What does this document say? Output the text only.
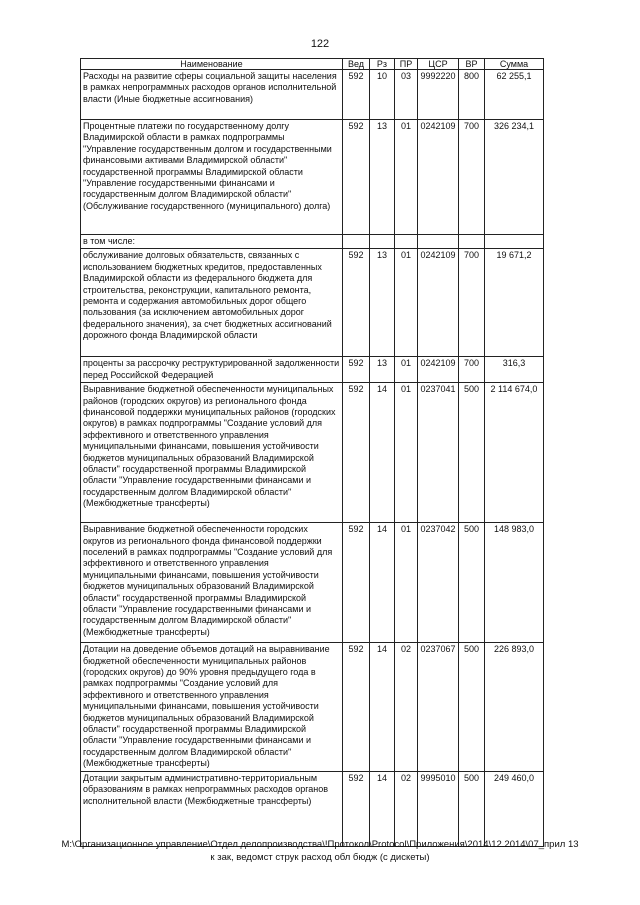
122
Наименование	Вед	Рз	ПР	ЦСР	ВР	Сумма
Расходы на развитие сферы социальной защиты населения в рамках непрограммных расходов органов исполнительной власти (Иные бюджетные ассигнования)	592	10	03	9992220	800	62 255,1
Процентные платежи по государственному долгу Владимирской области в рамках подпрограммы "Управление государственным долгом и государственными финансовыми активами Владимирской области" государственной программы Владимирской области "Управление государственными финансами и государственным долгом Владимирской области" (Обслуживание государственного (муниципального) долга)	592	13	01	0242109	700	326 234,1
в том числе:						
обслуживание долговых обязательств, связанных с использованием бюджетных кредитов, предоставленных Владимирской области из федерального бюджета для строительства, реконструкции, капитального ремонта, ремонта и содержания автомобильных дорог общего пользования (за исключением автомобильных дорог федерального значения), за счет бюджетных ассигнований дорожного фонда Владимирской области	592	13	01	0242109	700	19 671,2
проценты за рассрочку реструктурированной задолженности перед Российской Федерацией	592	13	01	0242109	700	316,3
Выравнивание бюджетной обеспеченности муниципальных районов (городских округов) из регионального фонда финансовой поддержки муниципальных районов (городских округов) в рамках подпрограммы "Создание условий для эффективного и ответственного управления муниципальными финансами, повышения устойчивости бюджетов муниципальных образований Владимирской области" государственной программы Владимирской области "Управление государственными финансами и государственным долгом Владимирской области" (Межбюджетные трансферты)	592	14	01	0237041	500	2 114 674,0
Выравнивание бюджетной обеспеченности городских округов из регионального фонда финансовой поддержки поселений в рамках подпрограммы "Создание условий для эффективного и ответственного управления муниципальными финансами, повышения устойчивости бюджетов муниципальных образований Владимирской области" государственной программы Владимирской области "Управление государственными финансами и государственным долгом Владимирской области" (Межбюджетные трансферты)	592	14	01	0237042	500	148 983,0
Дотации на доведение объемов дотаций на выравнивание бюджетной обеспеченности муниципальных районов (городских округов) до 90% уровня предыдущего года в рамках подпрограммы "Создание условий для эффективного и ответственного управления муниципальными финансами, повышения устойчивости бюджетов муниципальных образований Владимирской области" государственной программы Владимирской области "Управление государственными финансами и государственным долгом Владимирской области" (Межбюджетные трансферты)	592	14	02	0237067	500	226 893,0
Дотации закрытым административно-территориальным образованиям в рамках непрограммных расходов органов исполнительной власти (Межбюджетные трансферты)	592	14	02	9995010	500	249 460,0
М:\Организационное управление\Отдел делопроизводства\!Протокол\Protocol\Приложения\2014\12.2014\07_прил 13
к зак, ведомст струк расход обл бюдж (с дискеты)
